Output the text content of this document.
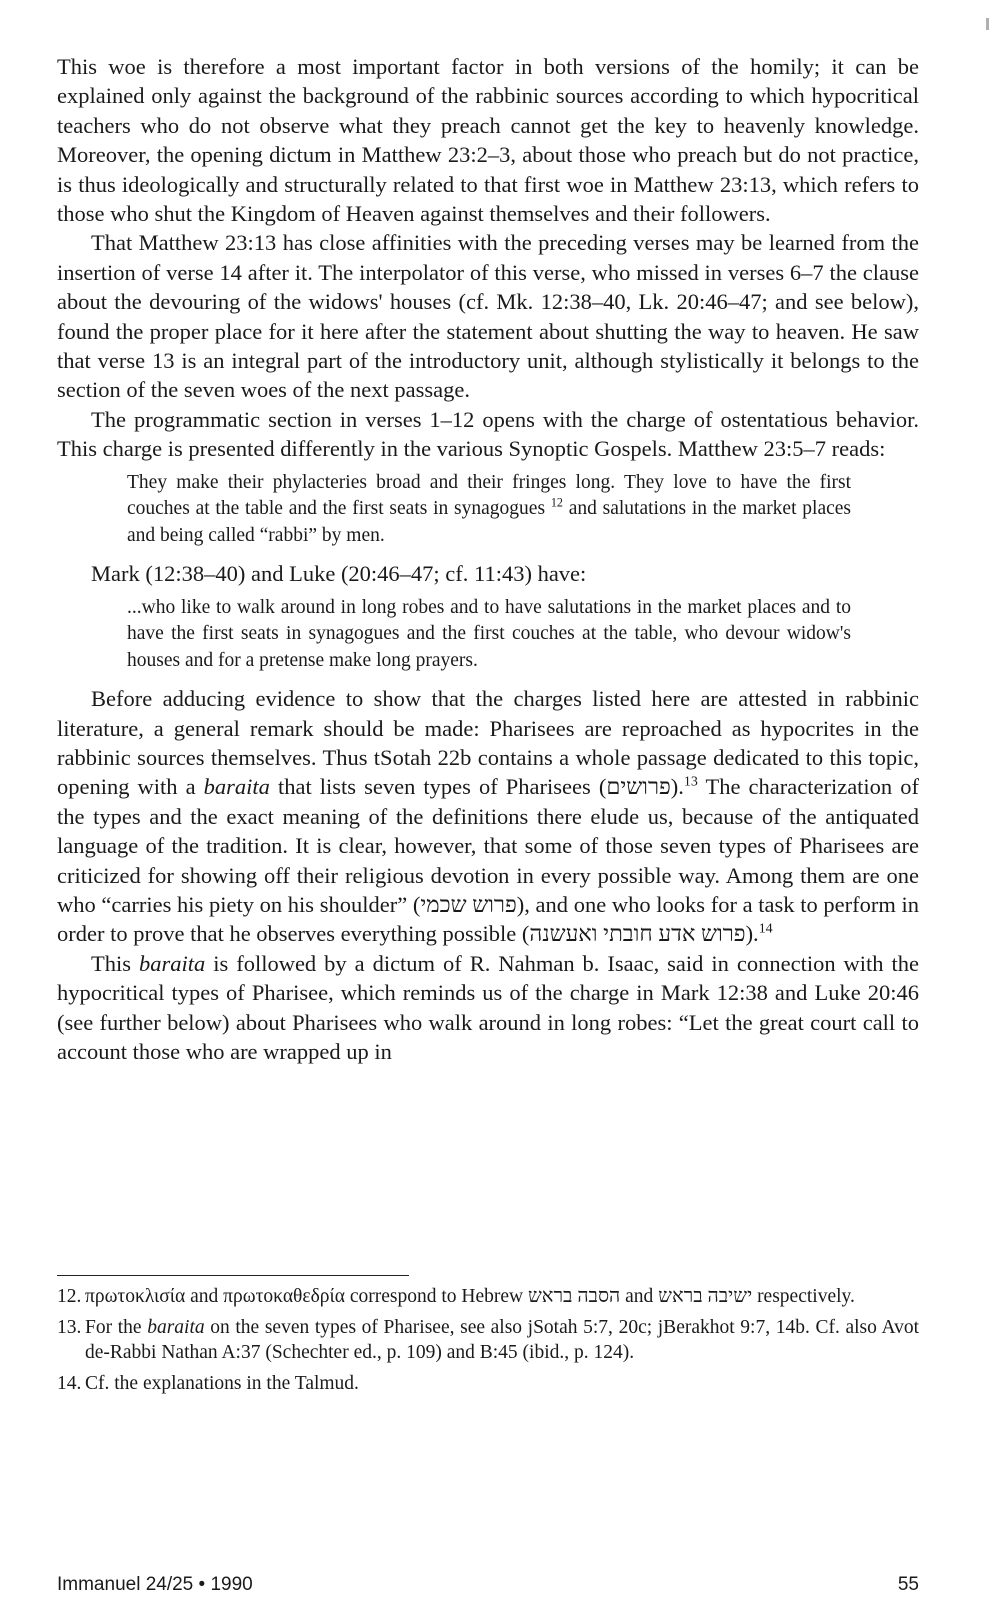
This woe is therefore a most important factor in both versions of the homily; it can be explained only against the background of the rabbinic sources according to which hypocritical teachers who do not observe what they preach cannot get the key to heavenly knowledge. Moreover, the opening dictum in Matthew 23:2–3, about those who preach but do not practice, is thus ideologically and structurally related to that first woe in Matthew 23:13, which refers to those who shut the Kingdom of Heaven against themselves and their followers.

That Matthew 23:13 has close affinities with the preceding verses may be learned from the insertion of verse 14 after it. The interpolator of this verse, who missed in verses 6–7 the clause about the devouring of the widows' houses (cf. Mk. 12:38–40, Lk. 20:46–47; and see below), found the proper place for it here after the statement about shutting the way to heaven. He saw that verse 13 is an integral part of the introductory unit, although stylistically it belongs to the section of the seven woes of the next passage.

The programmatic section in verses 1–12 opens with the charge of ostentatious behavior. This charge is presented differently in the various Synoptic Gospels. Matthew 23:5–7 reads:

They make their phylacteries broad and their fringes long. They love to have the first couches at the table and the first seats in synagogues $^{12}$ and salutations in the market places and being called “rabbi” by men.

Mark (12:38–40) and Luke (20:46–47; cf. 11:43) have:

...who like to walk around in long robes and to have salutations in the market places and to have the first seats in synagogues and the first couches at the table, who devour widow's houses and for a pretense make long prayers.

Before adducing evidence to show that the charges listed here are attested in rabbinic literature, a general remark should be made: Pharisees are reproached as hypocrites in the rabbinic sources themselves. Thus tSotah 22b contains a whole passage dedicated to this topic, opening with a baraita that lists seven types of Pharisees (פרושים).$^{13}$ The characterization of the types and the exact meaning of the definitions there elude us, because of the antiquated language of the tradition. It is clear, however, that some of those seven types of Pharisees are criticized for showing off their religious devotion in every possible way. Among them are one who “carries his piety on his shoulder” (פרוש שכמי), and one who looks for a task to perform in order to prove that he observes everything possible (פרוש אדע חובתי ואעשנה).$^{14}$

This baraita is followed by a dictum of R. Nahman b. Isaac, said in connection with the hypocritical types of Pharisee, which reminds us of the charge in Mark 12:38 and Luke 20:46 (see further below) about Pharisees who walk around in long robes: “Let the great court call to account those who are wrapped up in

12. πρωτοκλισία and πρωτοκαθεδρία correspond to Hebrew הסבה בראש and ישיבה בראש respectively.
13. For the baraita on the seven types of Pharisee, see also jSotah 5:7, 20c; jBerakhot 9:7, 14b. Cf. also Avot de-Rabbi Nathan A:37 (Schechter ed., p. 109) and B:45 (ibid., p. 124).
14. Cf. the explanations in the Talmud.
Immanuel 24/25 • 1990	55
